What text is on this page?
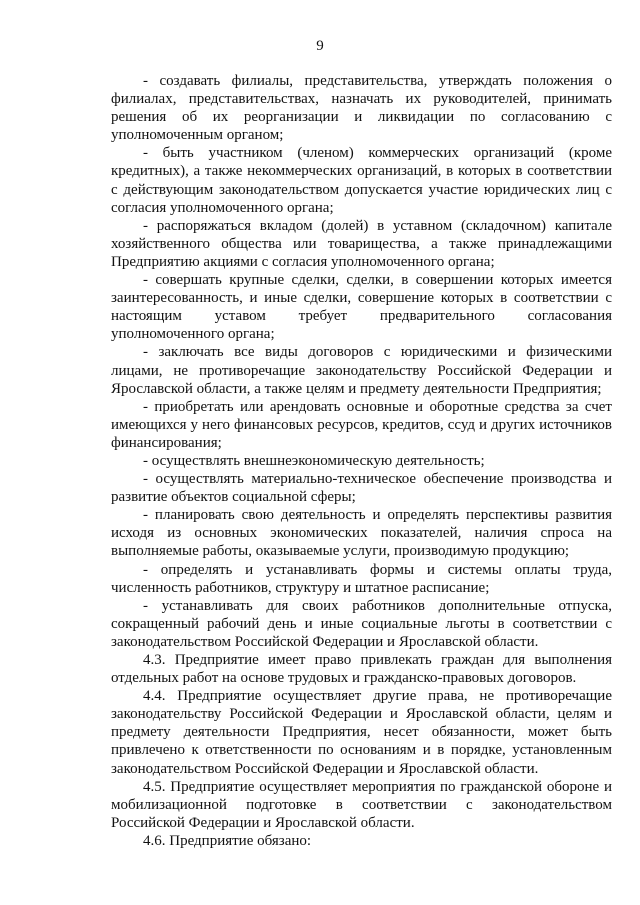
9

- создавать филиалы, представительства, утверждать положения о филиалах, представительствах, назначать их руководителей, принимать решения об их реорганизации и ликвидации по согласованию с уполномоченным органом;

- быть участником (членом) коммерческих организаций (кроме кредитных), а также некоммерческих организаций, в которых в соответствии с действующим законодательством допускается участие юридических лиц с согласия уполномоченного органа;

- распоряжаться вкладом (долей) в уставном (складочном) капитале хозяйственного общества или товарищества, а также принадлежащими Предприятию акциями с согласия уполномоченного органа;

- совершать крупные сделки, сделки, в совершении которых имеется заинтересованность, и иные сделки, совершение которых в соответствии с настоящим уставом требует предварительного согласования уполномоченного органа;

- заключать все виды договоров с юридическими и физическими лицами, не противоречащие законодательству Российской Федерации и Ярославской области, а также целям и предмету деятельности Предприятия;

- приобретать или арендовать основные и оборотные средства за счет имеющихся у него финансовых ресурсов, кредитов, ссуд и других источников финансирования;

- осуществлять внешнеэкономическую деятельность;

- осуществлять материально-техническое обеспечение производства и развитие объектов социальной сферы;

- планировать свою деятельность и определять перспективы развития исходя из основных экономических показателей, наличия спроса на выполняемые работы, оказываемые услуги, производимую продукцию;

- определять и устанавливать формы и системы оплаты труда, численность работников, структуру и штатное расписание;

- устанавливать для своих работников дополнительные отпуска, сокращенный рабочий день и иные социальные льготы в соответствии с законодательством Российской Федерации и Ярославской области.

4.3. Предприятие имеет право привлекать граждан для выполнения отдельных работ на основе трудовых и гражданско-правовых договоров.

4.4. Предприятие осуществляет другие права, не противоречащие законодательству Российской Федерации и Ярославской области, целям и предмету деятельности Предприятия, несет обязанности, может быть привлечено к ответственности по основаниям и в порядке, установленным законодательством Российской Федерации и Ярославской области.

4.5. Предприятие осуществляет мероприятия по гражданской обороне и мобилизационной подготовке в соответствии с законодательством Российской Федерации и Ярославской области.

4.6. Предприятие обязано:
